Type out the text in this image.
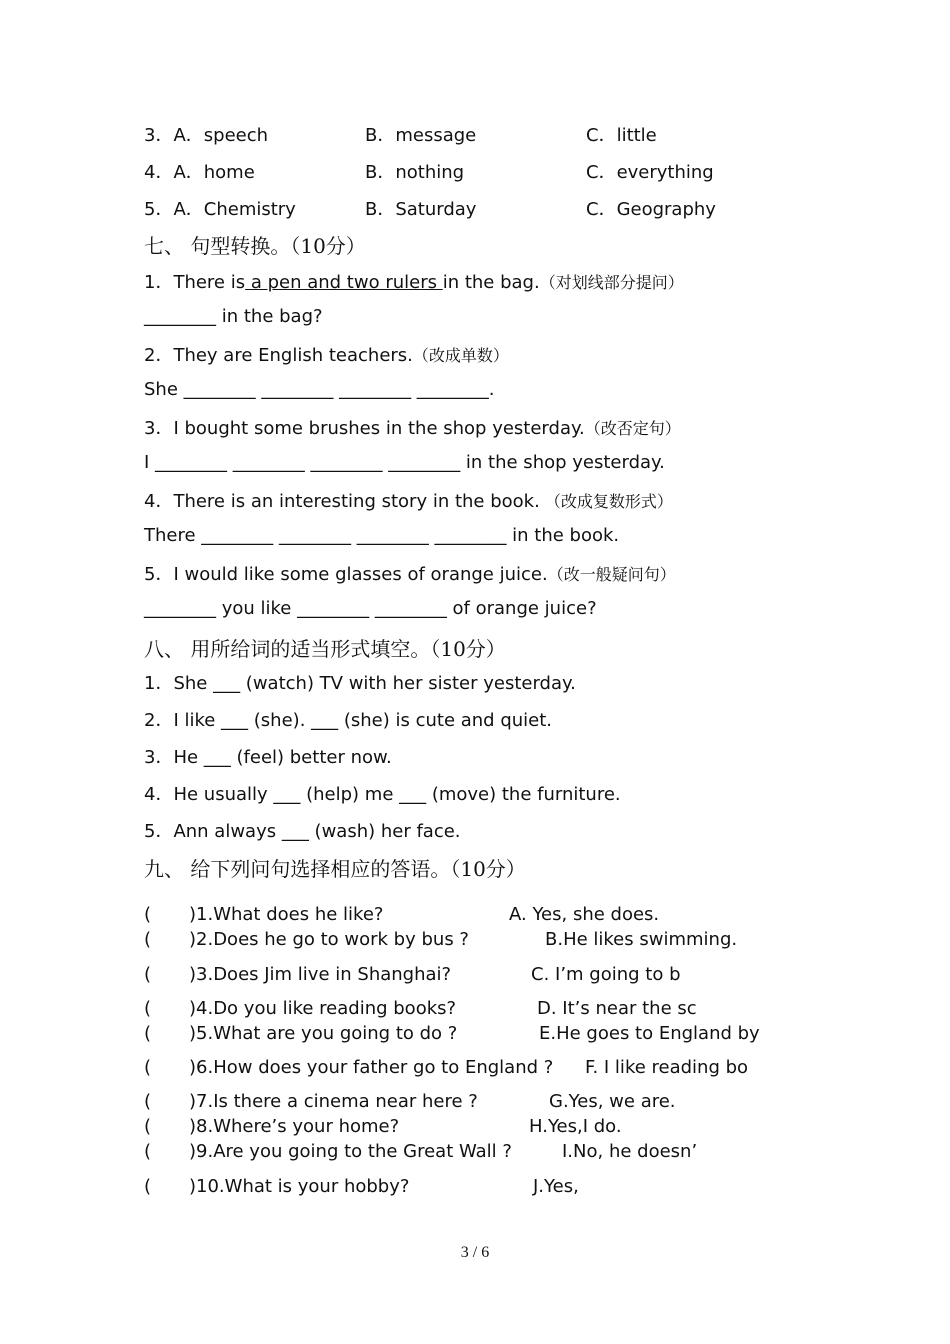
3．A．speech	B．message	C．little
4．A．home	B．nothing	C．everything
5．A．Chemistry	B．Saturday	C．Geography
七、 句型转换。（10分）
1．There is a pen and two rulers in the bag.（对划线部分提问）
________ in the bag?
2．They are English teachers.（改成单数）
She ________ ________ ________ ________.
3．I bought some brushes in the shop yesterday.（改否定句）
I ________ ________ ________ ________ in the shop yesterday.
4．There is an interesting story in the book. （改成复数形式）
There ________ ________ ________ ________ in the book.
5．I would like some glasses of orange juice.（改一般疑问句）
________ you like ________ ________ of orange juice?
八、 用所给词的适当形式填空。（10分）
1．She ___ (watch) TV with her sister yesterday.
2．I like ___ (she). ___ (she) is cute and quiet.
3．He ___ (feel) better now.
4．He usually ___ (help) me ___ (move) the furniture.
5．Ann always ___ (wash) her face.
九、 给下列问句选择相应的答语。（10分）
( )1.What does he like?	A. Yes, she does.
( )2.Does he go to work by bus ?	B.He likes swimming.
( )3.Does Jim live in Shanghai?	C. I’m going to b
( )4.Do you like reading books?	D. It’s near the sc
( )5.What are you going to do ?	E.He goes to England by
( )6.How does your father go to England ? F. I like reading bo
( )7.Is there a cinema near here ?	G.Yes, we are.
( )8.Where’s your home?	H.Yes,I do.
( )9.Are you going to the Great Wall ?	I.No, he doesn’
( )10.What is your hobby?	J.Yes,
3 / 6
